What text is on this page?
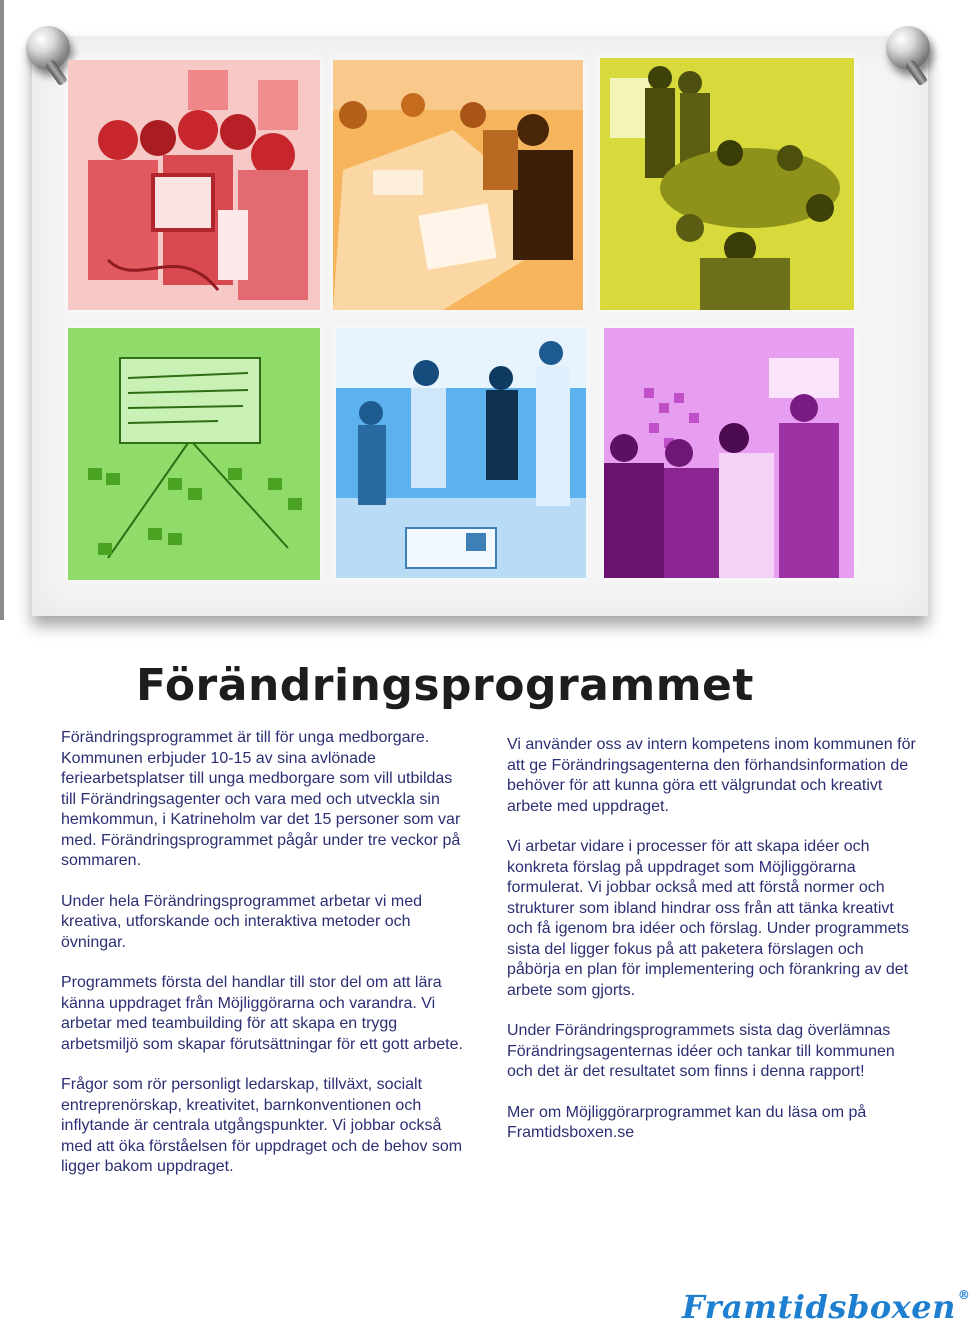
Förändringsprogrammet

Förändringsprogrammet är till för unga medborgare. Kommunen erbjuder 10-15 av sina avlönade feriearbetsplatser till unga medborgare som vill utbildas till Förändringsagenter och vara med och utveckla sin hemkommun, i Katrineholm var det 15 personer som var med. Förändringsprogrammet pågår under tre veckor på sommaren.

Under hela Förändringsprogrammet arbetar vi med kreativa, utforskande och interaktiva metoder och övningar.

Programmets första del handlar till stor del om att lära känna uppdraget från Möjliggörarna och varandra. Vi arbetar med teambuilding för att skapa en trygg arbetsmiljö som skapar förutsättningar för ett gott arbete.

Frågor som rör personligt ledarskap, tillväxt, socialt entreprenörskap, kreativitet, barnkonventionen och inflytande är centrala utgångspunkter. Vi jobbar också med att öka förståelsen för uppdraget och de behov som ligger bakom uppdraget.

Vi använder oss av intern kompetens inom kommunen för att ge Förändringsagenterna den förhandsinformation de behöver för att kunna göra ett välgrundat och kreativt arbete med uppdraget.

Vi arbetar vidare i processer för att skapa idéer och konkreta förslag på uppdraget som Möjliggörarna formulerat. Vi jobbar också med att förstå normer och strukturer som ibland hindrar oss från att tänka kreativt och få igenom bra idéer och förslag. Under programmets sista del ligger fokus på att paketera förslagen och påbörja en plan för implementering och förankring av det arbete som gjorts.

Under Förändringsprogrammets sista dag överlämnas Förändringsagenternas idéer och tankar till kommunen och det är det resultatet som finns i denna rapport!

Mer om Möjliggörarprogrammet kan du läsa om på Framtidsboxen.se

Framtidsboxen ®
